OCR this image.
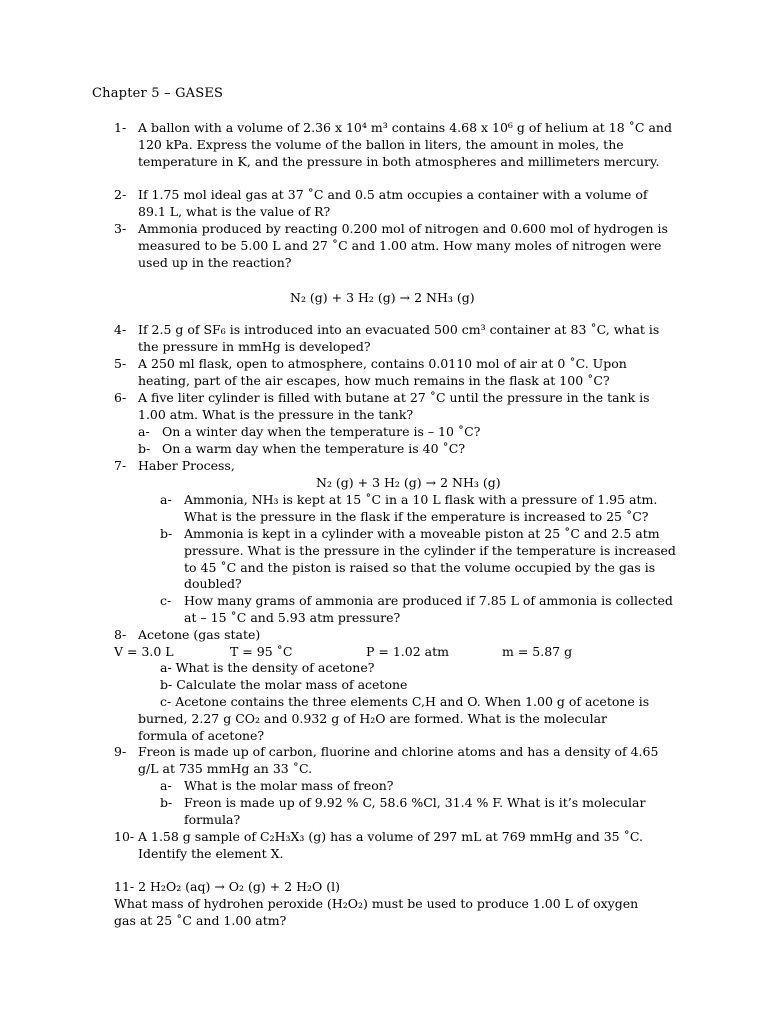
Chapter 5 – GASES
1- A ballon with a volume of 2.36 x 10⁴ m³ contains 4.68 x 10⁶ g of helium at 18 ˚C and 120 kPa. Express the volume of the ballon in liters, the amount in moles, the temperature in K, and the pressure in both atmospheres and millimeters mercury.
2- If 1.75 mol ideal gas at 37 ˚C and 0.5 atm occupies a container with a volume of 89.1 L, what is the value of R?
3- Ammonia produced by reacting 0.200 mol of nitrogen and 0.600 mol of hydrogen is measured to be 5.00 L and 27 ˚C and 1.00 atm. How many moles of nitrogen were used up in the reaction?
N₂ (g) + 3 H₂ (g) → 2 NH₃ (g)
4- If 2.5 g of SF₆ is introduced into an evacuated 500 cm³ container at 83 ˚C, what is the pressure in mmHg is developed?
5- A 250 ml flask, open to atmosphere, contains 0.0110 mol of air at 0 ˚C. Upon heating, part of the air escapes, how much remains in the flask at 100 ˚C?
6- A five liter cylinder is filled with butane at 27 ˚C until the pressure in the tank is 1.00 atm. What is the pressure in the tank?
a- On a winter day when the temperature is – 10 ˚C?
b- On a warm day when the temperature is 40 ˚C?
7- Haber Process,
N₂ (g) + 3 H₂ (g) → 2 NH₃ (g)
a- Ammonia, NH₃ is kept at 15 ˚C in a 10 L flask with a pressure of 1.95 atm. What is the pressure in the flask if the emperature is increased to 25 ˚C?
b- Ammonia is kept in a cylinder with a moveable piston at 25 ˚C and 2.5 atm pressure. What is the pressure in the cylinder if the temperature is increased to 45 ˚C and the piston is raised so that the volume occupied by the gas is doubled?
c- How many grams of ammonia are produced if 7.85 L of ammonia is collected at – 15 ˚C and 5.93 atm pressure?
8- Acetone (gas state)
V = 3.0 L	T = 95 ˚C	P = 1.02 atm	m = 5.87 g
a- What is the density of acetone?
b- Calculate the molar mass of acetone
c- Acetone contains the three elements C,H and O. When 1.00 g of acetone is
burned, 2.27 g CO₂ and 0.932 g of H₂O are formed. What is the molecular
formula of acetone?
9- Freon is made up of carbon, fluorine and chlorine atoms and has a density of 4.65 g/L at 735 mmHg an 33 ˚C.
a- What is the molar mass of freon?
b- Freon is made up of 9.92 % C, 58.6 %Cl, 31.4 % F. What is it’s molecular formula?
10- A 1.58 g sample of C₂H₃X₃ (g) has a volume of 297 mL at 769 mmHg and 35 ˚C. Identify the element X.
11- 2 H₂O₂ (aq) → O₂ (g) + 2 H₂O (l)
What mass of hydrohen peroxide (H₂O₂) must be used to produce 1.00 L of oxygen
gas at 25 ˚C and 1.00 atm?
